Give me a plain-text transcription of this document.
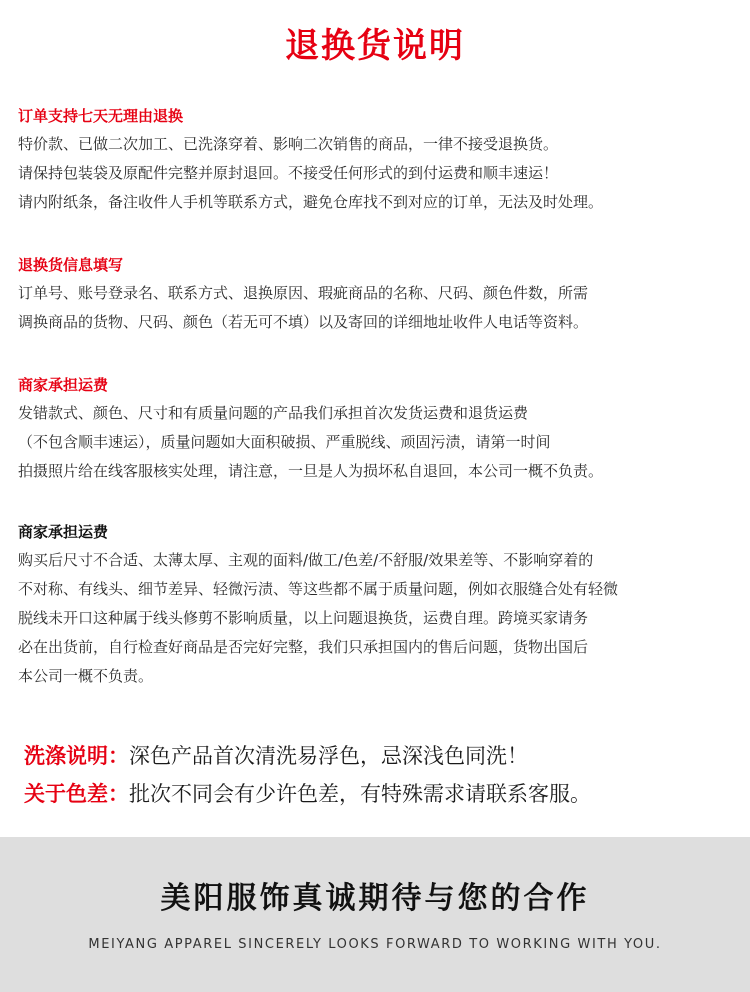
退换货说明
订单支持七天无理由退换
特价款、已做二次加工、已洗涤穿着、影响二次销售的商品，一律不接受退换货。
请保持包装袋及原配件完整并原封退回。不接受任何形式的到付运费和顺丰速运！
请内附纸条，备注收件人手机等联系方式，避免仓库找不到对应的订单，无法及时处理。
退换货信息填写
订单号、账号登录名、联系方式、退换原因、瑕疵商品的名称、尺码、颜色件数，所需
调换商品的货物、尺码、颜色（若无可不填）以及寄回的详细地址收件人电话等资料。
商家承担运费
发错款式、颜色、尺寸和有质量问题的产品我们承担首次发货运费和退货运费
（不包含顺丰速运），质量问题如大面积破损、严重脱线、顽固污渍，请第一时间
拍摄照片给在线客服核实处理，请注意，一旦是人为损坏私自退回，本公司一概不负责。
商家承担运费
购买后尺寸不合适、太薄太厚、主观的面料/做工/色差/不舒服/效果差等、不影响穿着的
不对称、有线头、细节差异、轻微污渍、等这些都不属于质量问题，例如衣服缝合处有轻微
脱线未开口这种属于线头修剪不影响质量，以上问题退换货，运费自理。跨境买家请务
必在出货前，自行检查好商品是否完好完整，我们只承担国内的售后问题，货物出国后
本公司一概不负责。
洗涤说明：深色产品首次清洗易浮色，忌深浅色同洗！
关于色差：批次不同会有少许色差，有特殊需求请联系客服。
美阳服饰真诚期待与您的合作
MEIYANG APPAREL SINCERELY LOOKS FORWARD TO WORKING WITH YOU.
